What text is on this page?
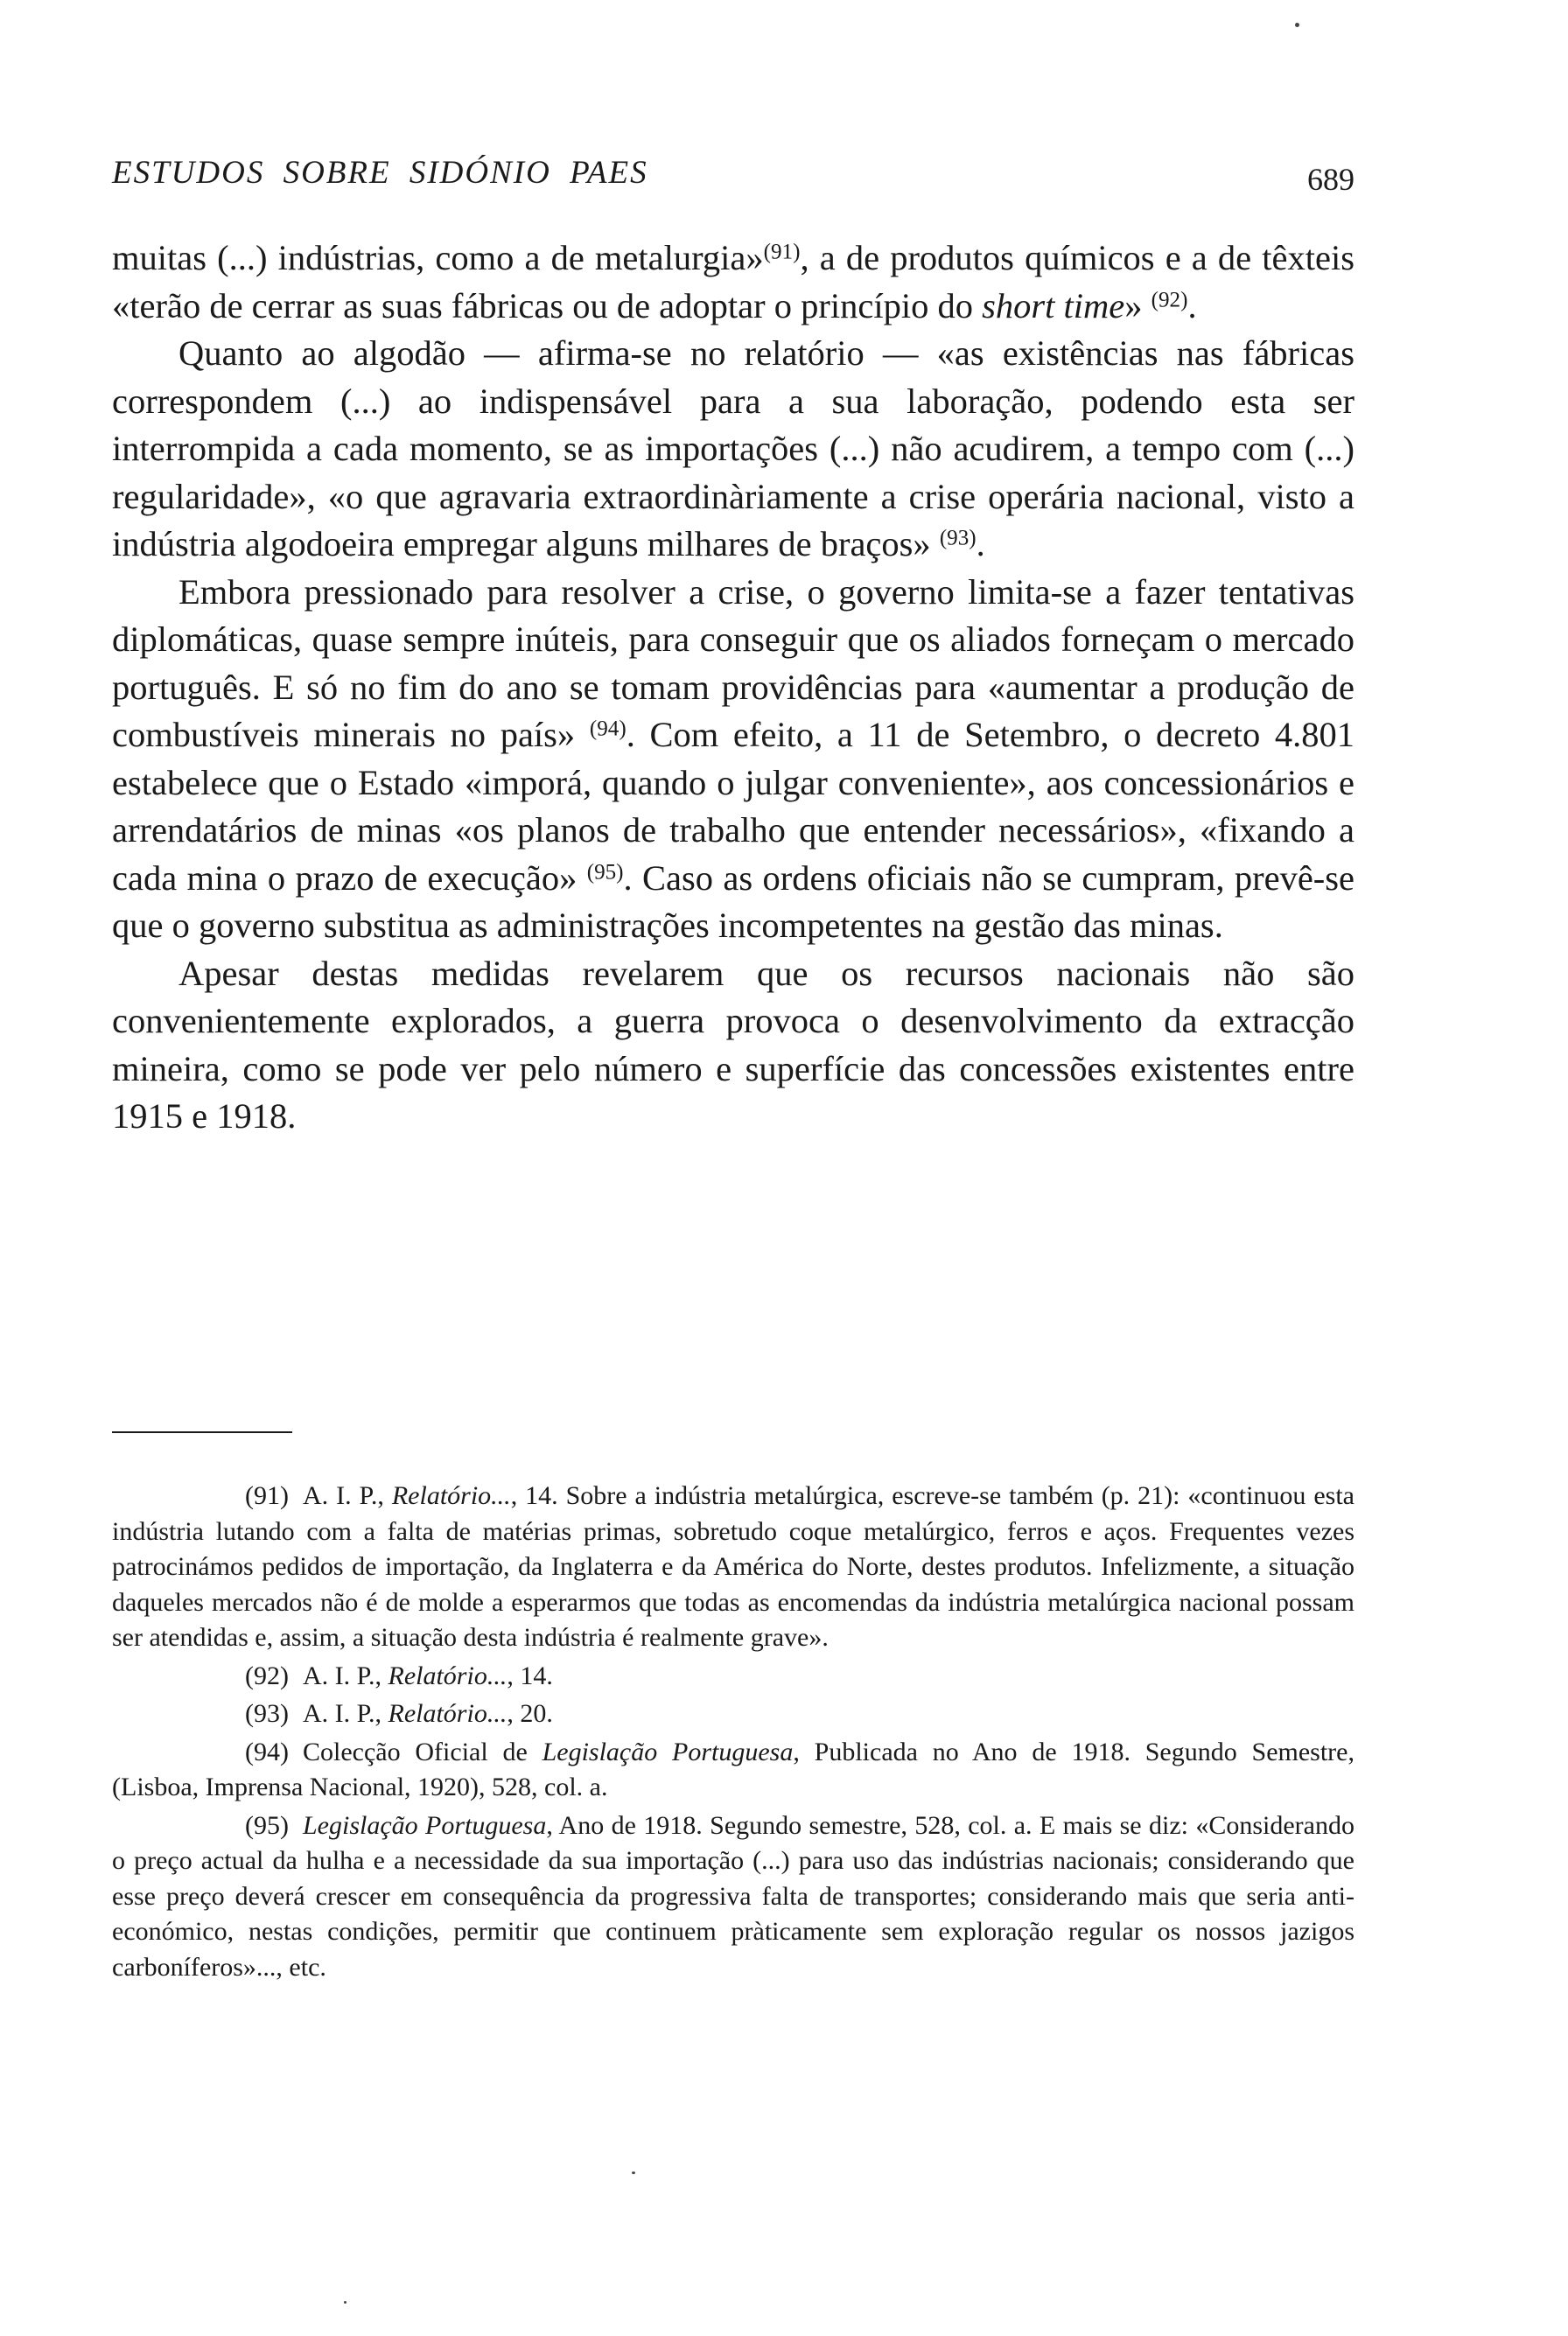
ESTUDOS SOBRE SIDÓNIO PAES	689

muitas (...) indústrias, como a de metalurgia»$^{(91)}$, a de produtos químicos e a de têxteis «terão de cerrar as suas fábricas ou de adoptar o princípio do short time» $^{(92)}$.

Quanto ao algodão — afirma-se no relatório — «as existências nas fábricas correspondem (...) ao indispensável para a sua laboração, podendo esta ser interrompida a cada momento, se as importações (...) não acudirem, a tempo com (...) regularidade», «o que agravaria extraordinàriamente a crise operária nacional, visto a indústria algodoeira empregar alguns milhares de braços» $^{(93)}$.

Embora pressionado para resolver a crise, o governo limita-se a fazer tentativas diplomáticas, quase sempre inúteis, para conseguir que os aliados forneçam o mercado português. E só no fim do ano se tomam providências para «aumentar a produção de combustíveis minerais no país» $^{(94)}$. Com efeito, a 11 de Setembro, o decreto 4.801 estabelece que o Estado «imporá, quando o julgar conveniente», aos concessionários e arrendatários de minas «os planos de trabalho que entender necessários», «fixando a cada mina o prazo de execução» $^{(95)}$. Caso as ordens oficiais não se cumpram, prevê-se que o governo substitua as administrações incompetentes na gestão das minas.

Apesar destas medidas revelarem que os recursos nacionais não são convenientemente explorados, a guerra provoca o desenvolvimento da extracção mineira, como se pode ver pelo número e superfície das concessões existentes entre 1915 e 1918.

(91) A. I. P., Relatório..., 14. Sobre a indústria metalúrgica, escreve-se também (p. 21): «continuou esta indústria lutando com a falta de matérias primas, sobretudo coque metalúrgico, ferros e aços. Frequentes vezes patrocinámos pedidos de importação, da Inglaterra e da América do Norte, destes produtos. Infelizmente, a situação daqueles mercados não é de molde a esperarmos que todas as encomendas da indústria metalúrgica nacional possam ser atendidas e, assim, a situação desta indústria é realmente grave».

(92) A. I. P., Relatório..., 14.

(93) A. I. P., Relatório..., 20.

(94) Colecção Oficial de Legislação Portuguesa, Publicada no Ano de 1918. Segundo Semestre, (Lisboa, Imprensa Nacional, 1920), 528, col. a.

(95) Legislação Portuguesa, Ano de 1918. Segundo semestre, 528, col. a. E mais se diz: «Considerando o preço actual da hulha e a necessidade da sua importação (...) para uso das indústrias nacionais; considerando que esse preço deverá crescer em consequência da progressiva falta de transportes; considerando mais que seria anti-económico, nestas condições, permitir que continuem pràticamente sem exploração regular os nossos jazigos carboníferos»..., etc.
